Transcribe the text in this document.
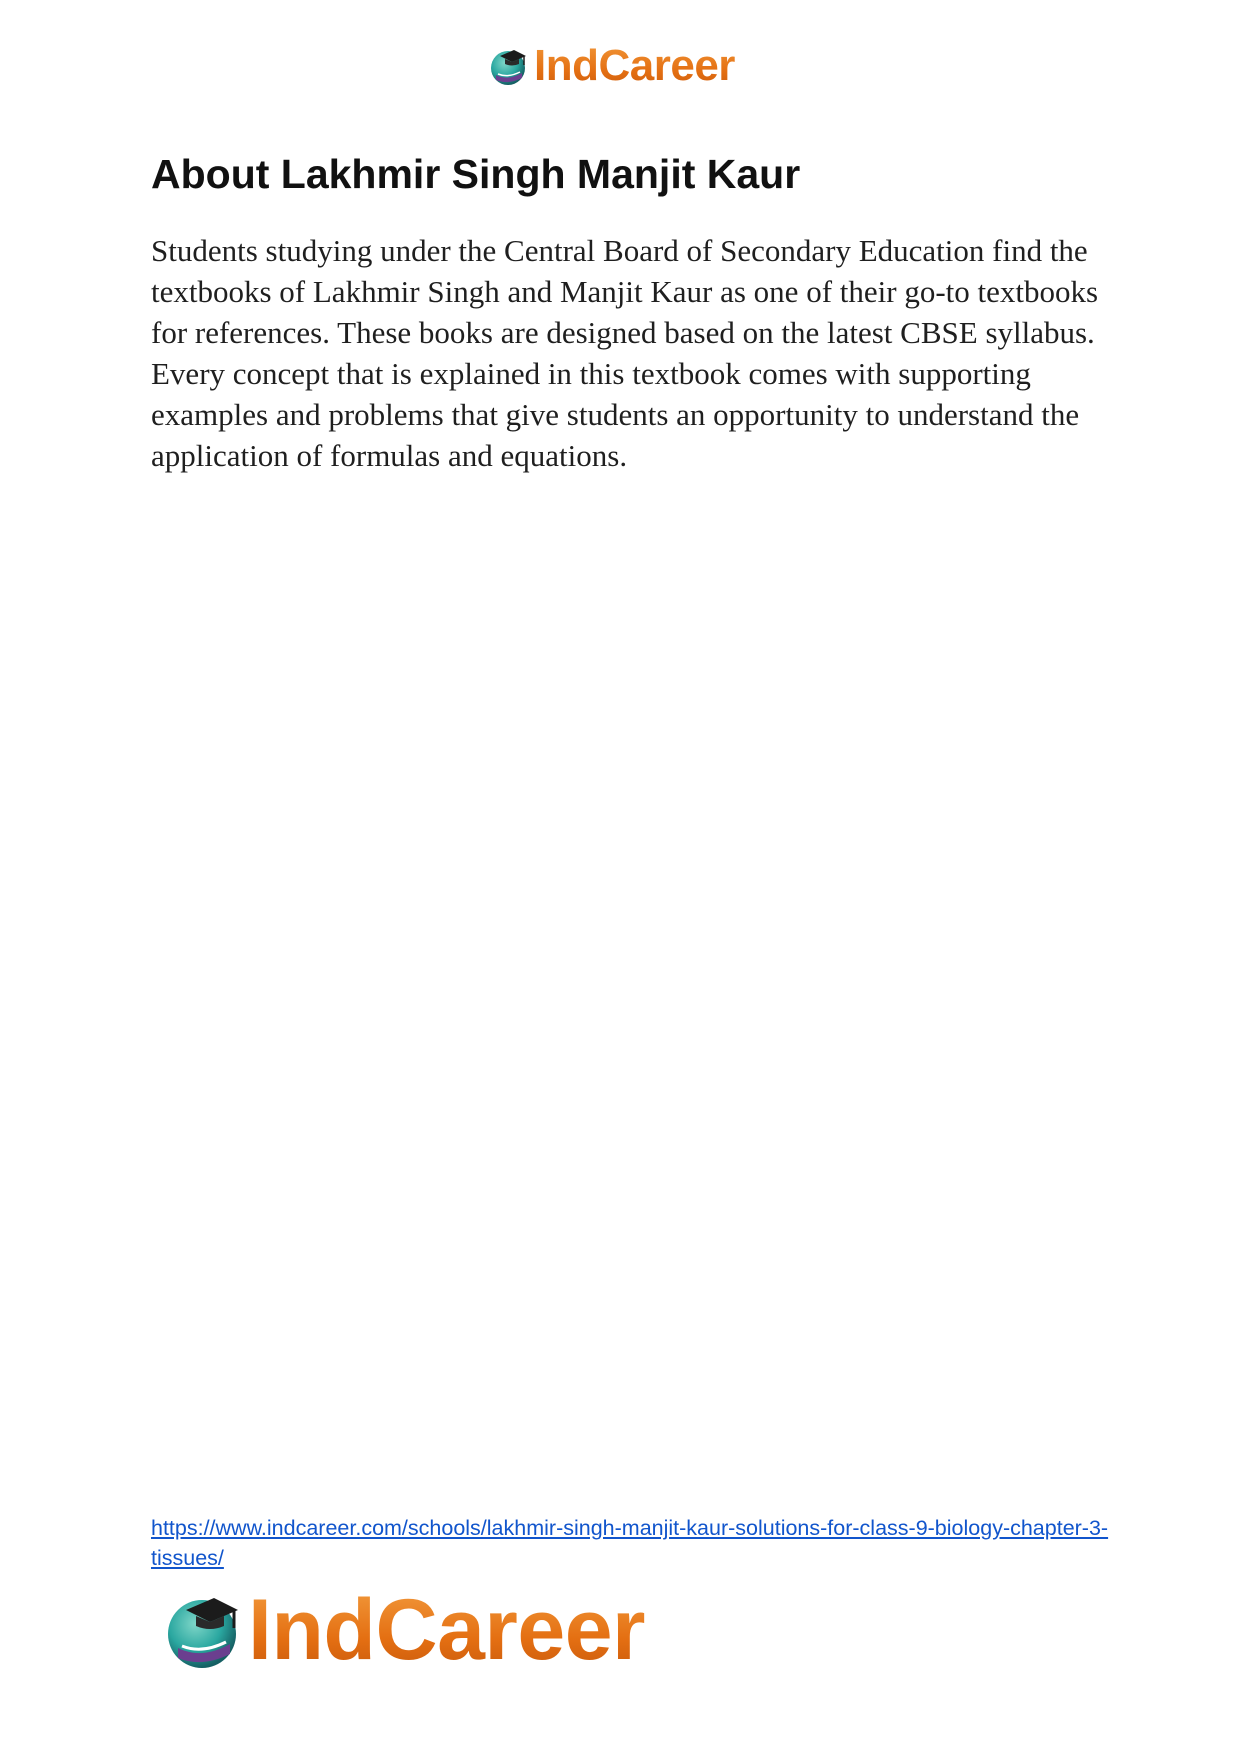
IndCareer
About Lakhmir Singh Manjit Kaur

Students studying under the Central Board of Secondary Education find the textbooks of Lakhmir Singh and Manjit Kaur as one of their go-to textbooks for references. These books are designed based on the latest CBSE syllabus. Every concept that is explained in this textbook comes with supporting examples and problems that give students an opportunity to understand the application of formulas and equations.

https://www.indcareer.com/schools/lakhmir-singh-manjit-kaur-solutions-for-class-9-biology-chapter-3-tissues/
IndCareer
